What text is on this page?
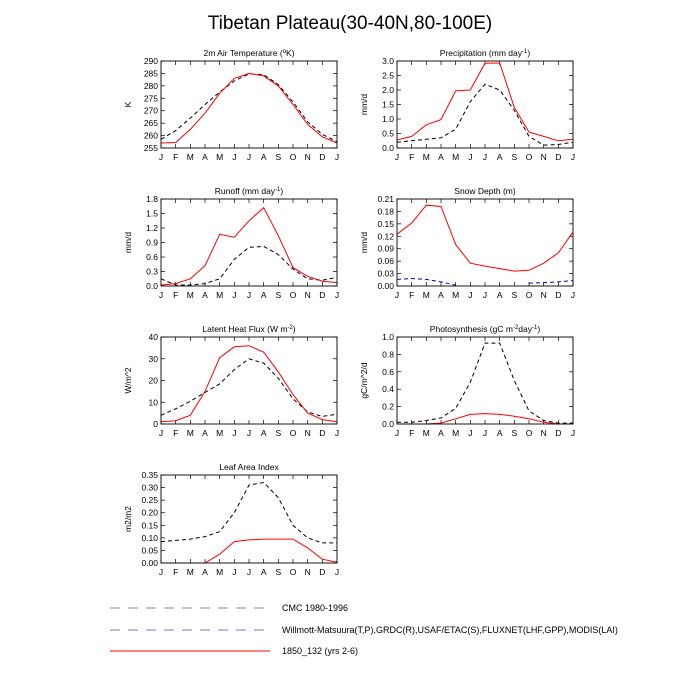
Tibetan Plateau(30-40N,80-100E)
2m Air Temperature ($^o$K)
K
255
260
265
270
275
280
285
290
J F M A M J J A S O N D J
Precipitation (mm day$^{-1}$)
mm/d
0.0
0.5
1.0
1.5
2.0
2.5
3.0
J F M A M J J A S O N D J
Runoff (mm day$^{-1}$)
mm/d
0.0
0.3
0.6
0.9
1.2
1.5
1.8
J F M A M J J A S O N D J
Snow Depth (m)
mm/d
0.00
0.03
0.06
0.09
0.12
0.15
0.18
0.21
J F M A M J J A S O N D J
Latent Heat Flux (W $m^{-2}$)
W/m^2
0
10
20
30
40
J F M A M J J A S O N D J
Photosynthesis (gC $m^{-2}day^{-1}$)
gC/m^2/d
0.0
0.2
0.4
0.6
0.8
1.0
J F M A M J J A S O N D J
Leaf Area Index
m2/m2
0.00
0.05
0.10
0.15
0.20
0.25
0.30
0.35
J F M A M J J A S O N D J
CMC 1980-1996
Willmott-Matsuura(T,P),GRDC(R),USAF/ETAC(S),FLUXNET(LHF,GPP),MODIS(LAI)
1850_132 (yrs 2-6)
